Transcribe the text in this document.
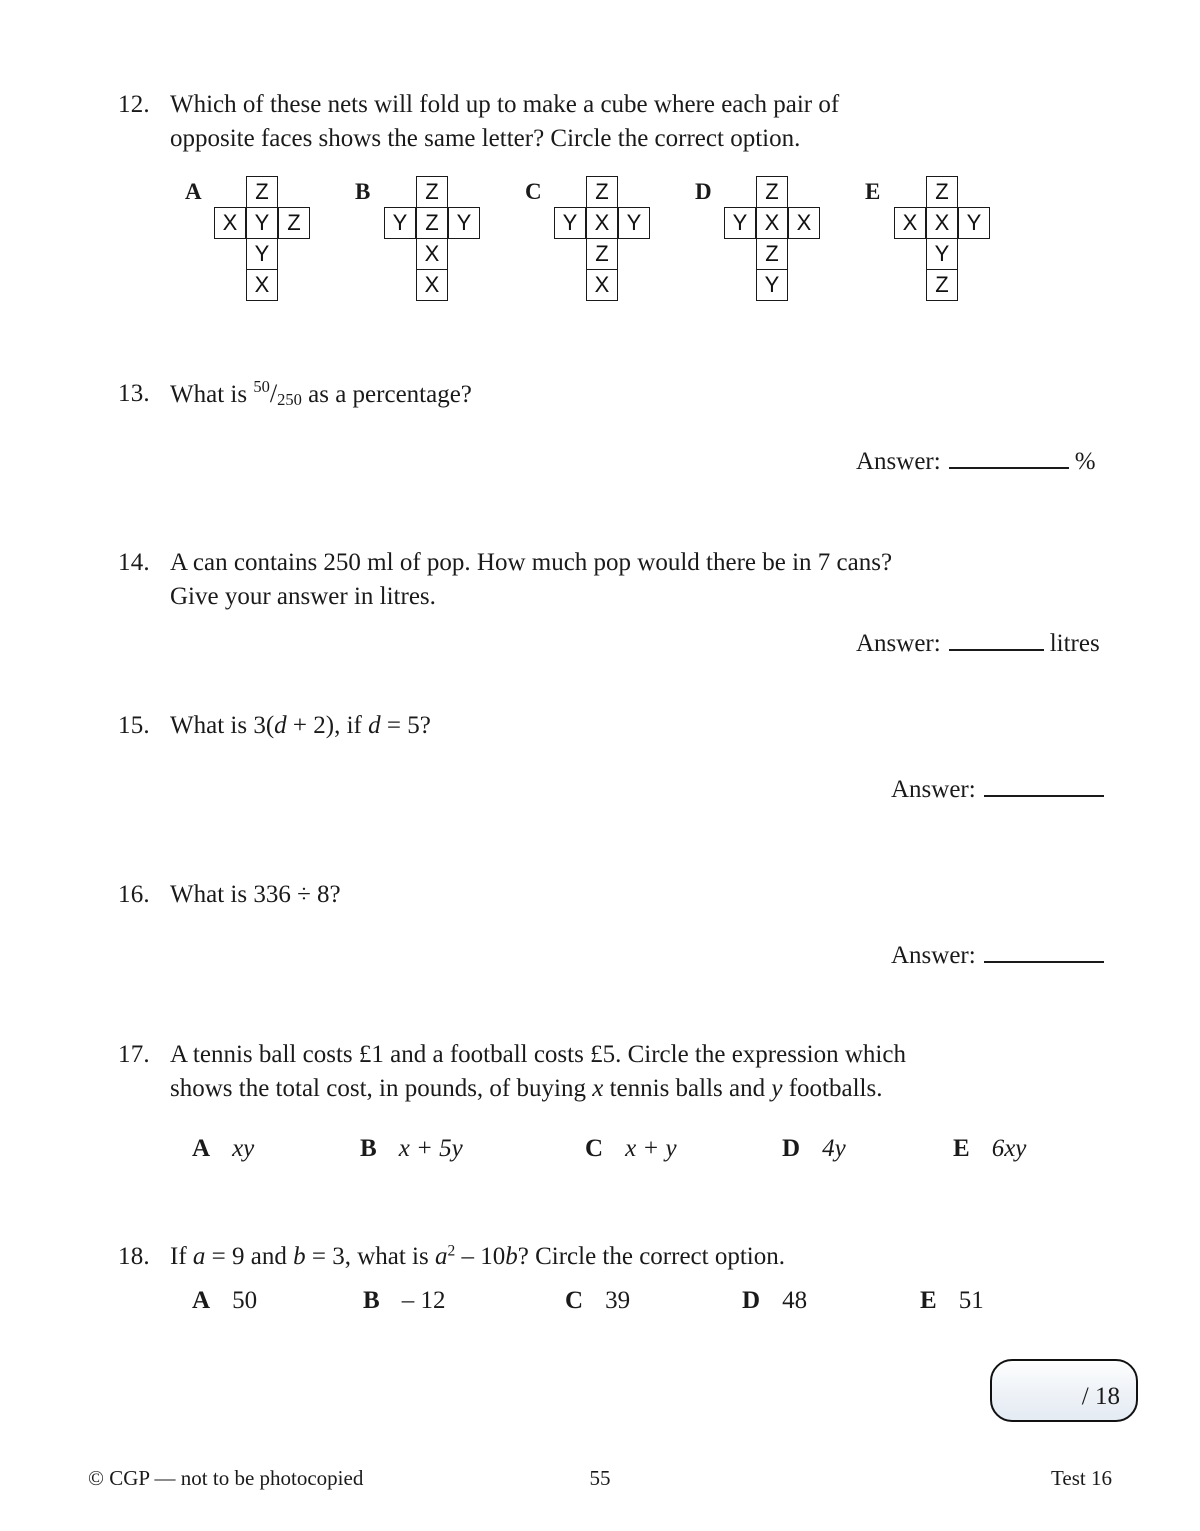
12. Which of these nets will fold up to make a cube where each pair of
opposite faces shows the same letter? Circle the correct option.
A	Z
X Y Z
Y
X
B	Z
Y Z Y
X
X
C	Z
Y X Y
Z
X
D	Z
Y X X
Z
Y
E	Z
X X Y
Y
Z
13. What is $^{50}/_{250}$ as a percentage?
Answer:	%
14. A can contains 250 ml of pop. How much pop would there be in 7 cans?
Give your answer in litres.
Answer:	litres
15. What is 3(d + 2), if d = 5?
Answer:
16. What is 336 ÷ 8?
Answer:
17. A tennis ball costs £1 and a football costs £5. Circle the expression which
shows the total cost, in pounds, of buying x tennis balls and y footballs.
A xy	B x + 5y	C x + y	D 4y	E 6xy
18. If a = 9 and b = 3, what is $a^2 - 10b$? Circle the correct option.
A 50	B – 12	C 39	D 48	E 51
/ 18
© CGP — not to be photocopied	55	Test 16
